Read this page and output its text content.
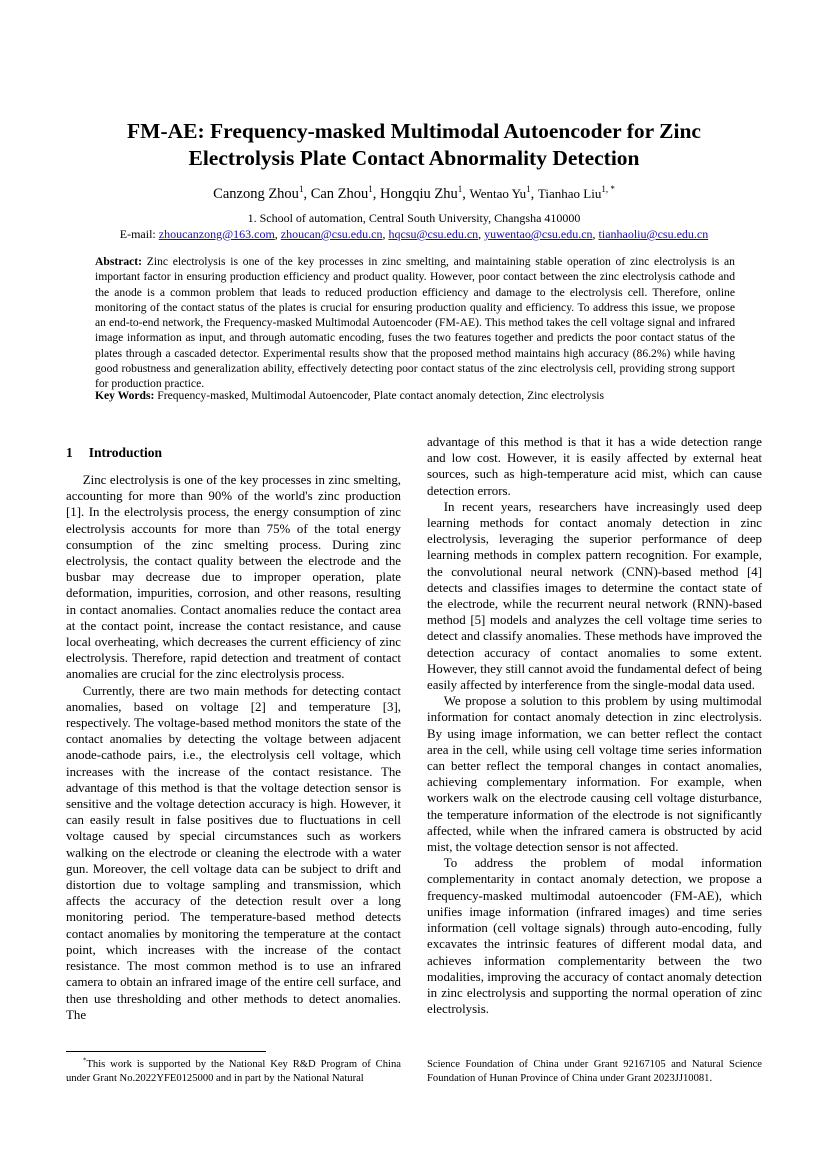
FM-AE: Frequency-masked Multimodal Autoencoder for Zinc
Electrolysis Plate Contact Abnormality Detection
Canzong Zhou$^1$, Can Zhou$^1$, Hongqiu Zhu$^1$, Wentao Yu$^1$, Tianhao Liu$^{1, *}$
1. School of automation, Central South University, Changsha 410000
E-mail: zhoucanzong@163.com, zhoucan@csu.edu.cn, hqcsu@csu.edu.cn, yuwentao@csu.edu.cn, tianhaoliu@csu.edu.cn
Abstract: Zinc electrolysis is one of the key processes in zinc smelting, and maintaining stable operation of zinc electrolysis is an important factor in ensuring production efficiency and product quality. However, poor contact between the zinc electrolysis cathode and the anode is a common problem that leads to reduced production efficiency and damage to the electrolysis cell. Therefore, online monitoring of the contact status of the plates is crucial for ensuring production quality and efficiency. To address this issue, we propose an end-to-end network, the Frequency-masked Multimodal Autoencoder (FM-AE). This method takes the cell voltage signal and infrared image information as input, and through automatic encoding, fuses the two features together and predicts the poor contact status of the plates through a cascaded detector. Experimental results show that the proposed method maintains high accuracy (86.2%) while having good robustness and generalization ability, effectively detecting poor contact status of the zinc electrolysis cell, providing strong support for production practice.
Key Words: Frequency-masked, Multimodal Autoencoder, Plate contact anomaly detection, Zinc electrolysis
1 Introduction

Zinc electrolysis is one of the key processes in zinc smelting, accounting for more than 90% of the world's zinc production [1]. In the electrolysis process, the energy consumption of zinc electrolysis accounts for more than 75% of the total energy consumption of the zinc smelting process. During zinc electrolysis, the contact quality between the electrode and the busbar may decrease due to improper operation, plate deformation, impurities, corrosion, and other reasons, resulting in contact anomalies. Contact anomalies reduce the contact area at the contact point, increase the contact resistance, and cause local overheating, which decreases the current efficiency of zinc electrolysis. Therefore, rapid detection and treatment of contact anomalies are crucial for the zinc electrolysis process.

Currently, there are two main methods for detecting contact anomalies, based on voltage [2] and temperature [3], respectively. The voltage-based method monitors the state of the contact anomalies by detecting the voltage between adjacent anode-cathode pairs, i.e., the electrolysis cell voltage, which increases with the increase of the contact resistance. The advantage of this method is that the voltage detection sensor is sensitive and the voltage detection accuracy is high. However, it can easily result in false positives due to fluctuations in cell voltage caused by special circumstances such as workers walking on the electrode or cleaning the electrode with a water gun. Moreover, the cell voltage data can be subject to drift and distortion due to voltage sampling and transmission, which affects the accuracy of the detection result over a long monitoring period. The temperature-based method detects contact anomalies by monitoring the temperature at the contact point, which increases with the increase of the contact resistance. The most common method is to use an infrared camera to obtain an infrared image of the entire cell surface, and then use thresholding and other methods to detect anomalies. The

advantage of this method is that it has a wide detection range and low cost. However, it is easily affected by external heat sources, such as high-temperature acid mist, which can cause detection errors.

In recent years, researchers have increasingly used deep learning methods for contact anomaly detection in zinc electrolysis, leveraging the superior performance of deep learning methods in complex pattern recognition. For example, the convolutional neural network (CNN)-based method [4] detects and classifies images to determine the contact state of the electrode, while the recurrent neural network (RNN)-based method [5] models and analyzes the cell voltage time series to detect and classify anomalies. These methods have improved the detection accuracy of contact anomalies to some extent. However, they still cannot avoid the fundamental defect of being easily affected by interference from the single-modal data used.

We propose a solution to this problem by using multimodal information for contact anomaly detection in zinc electrolysis. By using image information, we can better reflect the contact area in the cell, while using cell voltage time series information can better reflect the temporal changes in contact anomalies, achieving complementary information. For example, when workers walk on the electrode causing cell voltage disturbance, the temperature information of the electrode is not significantly affected, while when the infrared camera is obstructed by acid mist, the voltage detection sensor is not affected.

To address the problem of modal information complementarity in contact anomaly detection, we propose a frequency-masked multimodal autoencoder (FM-AE), which unifies image information (infrared images) and time series information (cell voltage signals) through auto-encoding, fully excavates the intrinsic features of different modal data, and achieves information complementarity between the two modalities, improving the accuracy of contact anomaly detection in zinc electrolysis and supporting the normal operation of zinc electrolysis.

*This work is supported by the National Key R&D Program of China under Grant No.2022YFE0125000 and in part by the National Natural

Science Foundation of China under Grant 92167105 and Natural Science Foundation of Hunan Province of China under Grant 2023JJ10081.
